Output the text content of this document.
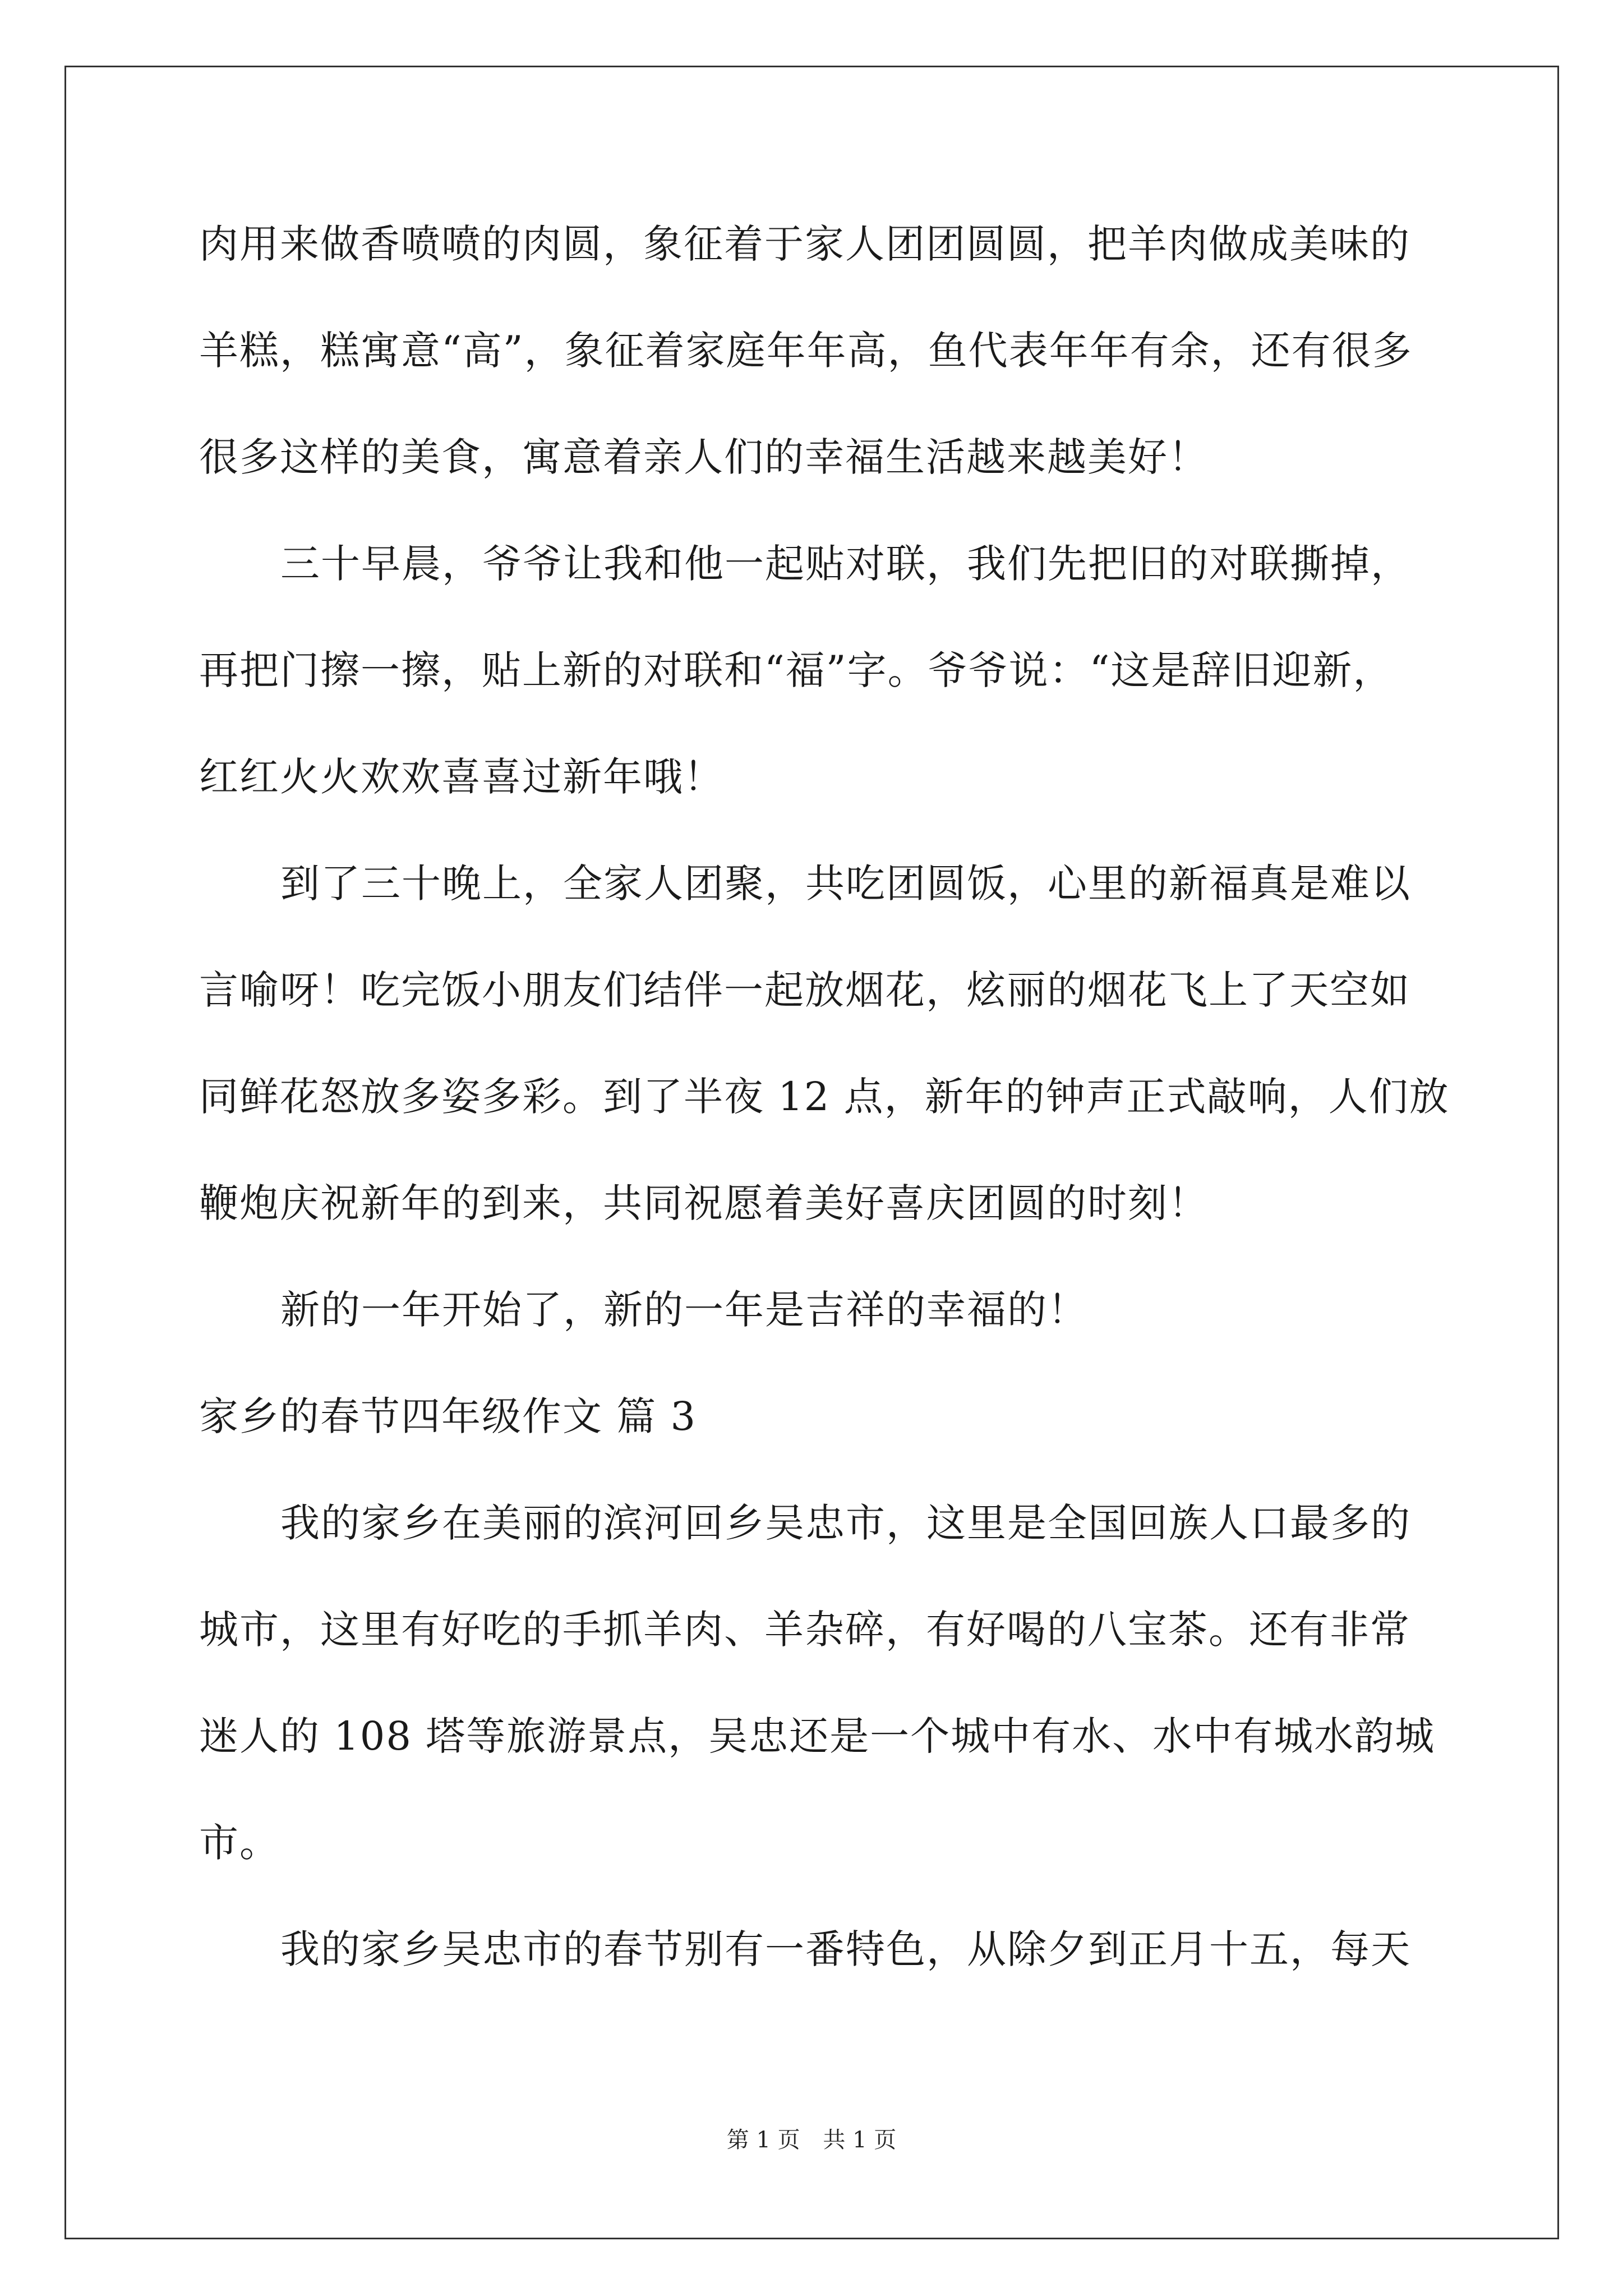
肉用来做香喷喷的肉圆，象征着于家人团团圆圆，把羊肉做成美味的
羊糕，糕寓意“高”，象征着家庭年年高，鱼代表年年有余，还有很多
很多这样的美食，寓意着亲人们的幸福生活越来越美好！
三十早晨，爷爷让我和他一起贴对联，我们先把旧的对联撕掉，
再把门擦一擦，贴上新的对联和“福”字。爷爷说：“这是辞旧迎新，
红红火火欢欢喜喜过新年哦！
到了三十晚上，全家人团聚，共吃团圆饭，心里的新福真是难以
言喻呀！吃完饭小朋友们结伴一起放烟花，炫丽的烟花飞上了天空如
同鲜花怒放多姿多彩。到了半夜 12 点，新年的钟声正式敲响，人们放
鞭炮庆祝新年的到来，共同祝愿着美好喜庆团圆的时刻！
新的一年开始了，新的一年是吉祥的幸福的！
家乡的春节四年级作文 篇 3
我的家乡在美丽的滨河回乡吴忠市，这里是全国回族人口最多的
城市，这里有好吃的手抓羊肉、羊杂碎，有好喝的八宝茶。还有非常
迷人的 108 塔等旅游景点，吴忠还是一个城中有水、水中有城水韵城
市。
我的家乡吴忠市的春节别有一番特色，从除夕到正月十五，每天
第 1 页 共 1 页
